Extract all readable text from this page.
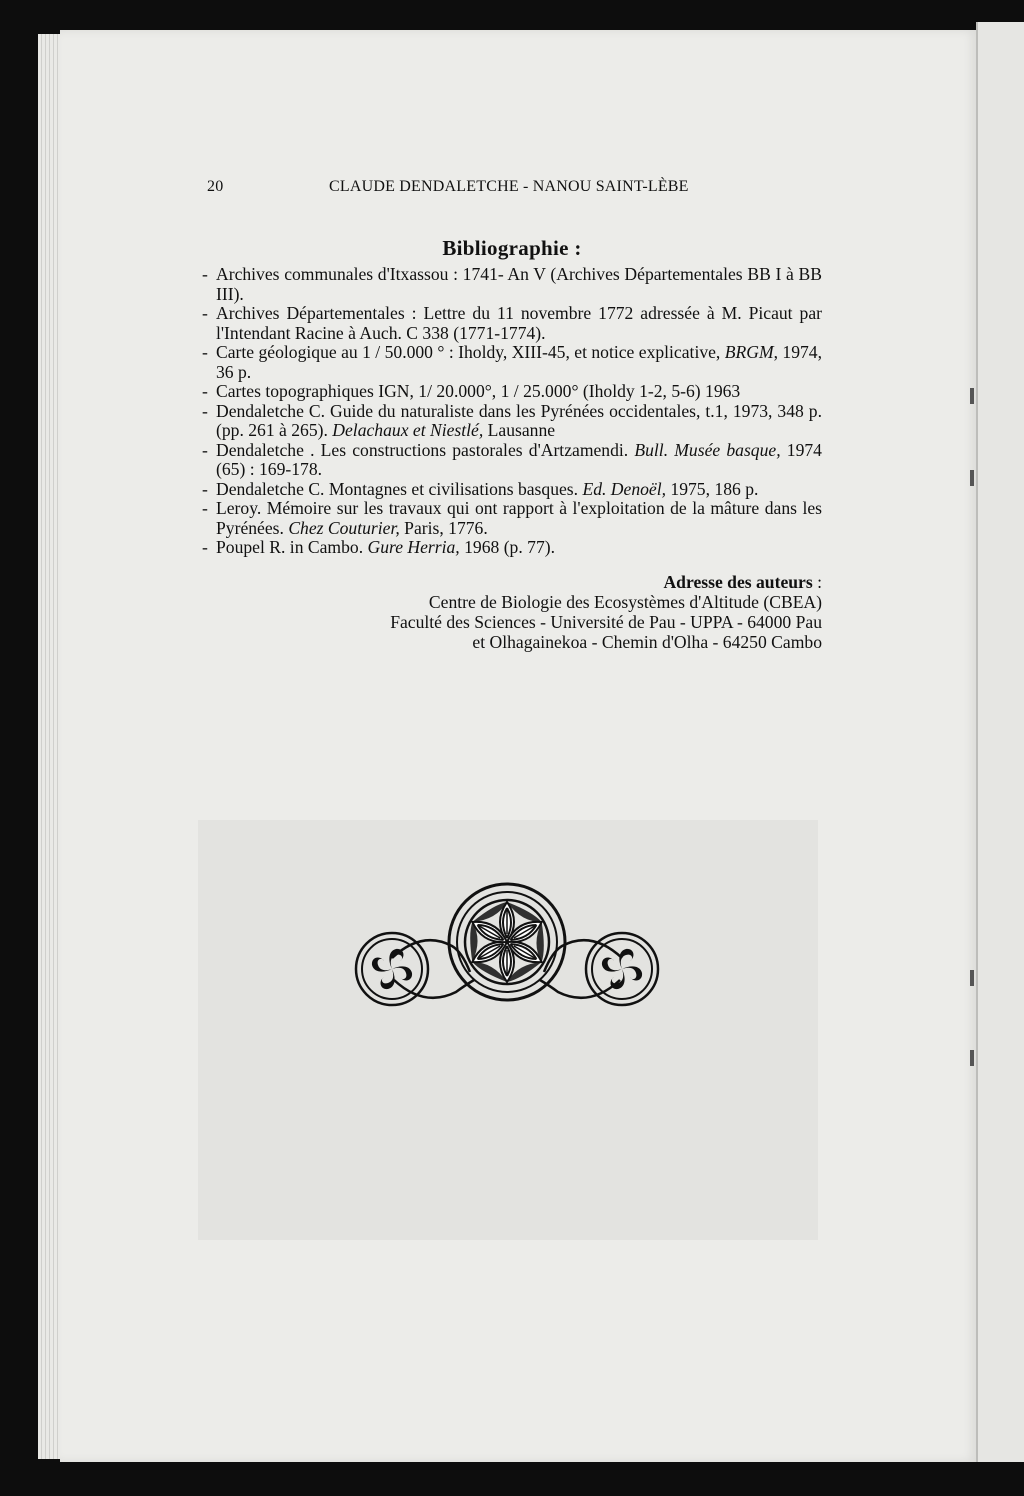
20	CLAUDE DENDALETCHE - NANOU SAINT-LÈBE
Bibliographie :
- Archives communales d'Itxassou : 1741- An V (Archives Départementales BB I à BB III).
- Archives Départementales : Lettre du 11 novembre 1772 adressée à M. Picaut par l'Intendant Racine à Auch. C 338 (1771-1774).
- Carte géologique au 1 / 50.000 ° : Iholdy, XIII-45, et notice explicative, BRGM, 1974, 36 p.
- Cartes topographiques IGN, 1/ 20.000°, 1 / 25.000° (Iholdy 1-2, 5-6) 1963
- Dendaletche C. Guide du naturaliste dans les Pyrénées occidentales, t.1, 1973, 348 p. (pp. 261 à 265). Delachaux et Niestlé, Lausanne
- Dendaletche . Les constructions pastorales d'Artzamendi. Bull. Musée basque, 1974 (65) : 169-178.
- Dendaletche C. Montagnes et civilisations basques. Ed. Denoël, 1975, 186 p.
- Leroy. Mémoire sur les travaux qui ont rapport à l'exploitation de la mâture dans les Pyrénées. Chez Couturier, Paris, 1776.
- Poupel R. in Cambo. Gure Herria, 1968 (p. 77).
Adresse des auteurs :
Centre de Biologie des Ecosystèmes d'Altitude (CBEA)
Faculté des Sciences - Université de Pau - UPPA - 64000 Pau
et Olhagainekoa - Chemin d'Olha - 64250 Cambo
